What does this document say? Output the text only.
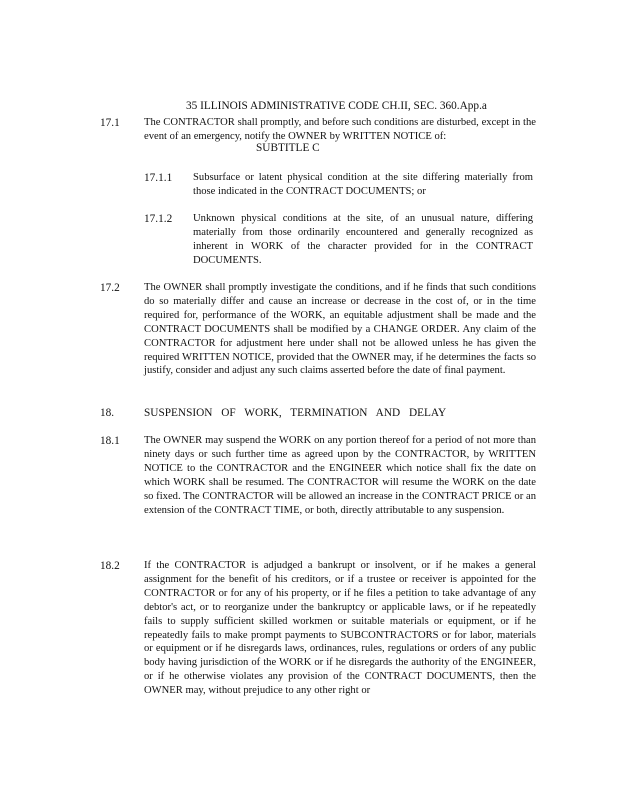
35 ILLINOIS ADMINISTRATIVE CODE CH.II, SEC. 360.App.a

SUBTITLE C

17.1 The CONTRACTOR shall promptly, and before such conditions are disturbed, except in the event of an emergency, notify the OWNER by WRITTEN NOTICE of:
17.1.1 Subsurface or latent physical condition at the site differing materially from those indicated in the CONTRACT DOCUMENTS; or
17.1.2 Unknown physical conditions at the site, of an unusual nature, differing materially from those ordinarily encountered and generally recognized as inherent in WORK of the character provided for in the CONTRACT DOCUMENTS.
17.2 The OWNER shall promptly investigate the conditions, and if he finds that such conditions do so materially differ and cause an increase or decrease in the cost of, or in the time required for, performance of the WORK, an equitable adjustment shall be made and the CONTRACT DOCUMENTS shall be modified by a CHANGE ORDER. Any claim of the CONTRACTOR for adjustment here under shall not be allowed unless he has given the required WRITTEN NOTICE, provided that the OWNER may, if he determines the facts so justify, consider and adjust any such claims asserted before the date of final payment.
18.	SUSPENSION OF WORK, TERMINATION AND DELAY
18.1 The OWNER may suspend the WORK on any portion thereof for a period of not more than ninety days or such further time as agreed upon by the CONTRACTOR, by WRITTEN NOTICE to the CONTRACTOR and the ENGINEER which notice shall fix the date on which WORK shall be resumed. The CONTRACTOR will resume the WORK on the date so fixed. The CONTRACTOR will be allowed an increase in the CONTRACT PRICE or an extension of the CONTRACT TIME, or both, directly attributable to any suspension.
18.2 If the CONTRACTOR is adjudged a bankrupt or insolvent, or if he makes a general assignment for the benefit of his creditors, or if a trustee or receiver is appointed for the CONTRACTOR or for any of his property, or if he files a petition to take advantage of any debtor's act, or to reorganize under the bankruptcy or applicable laws, or if he repeatedly fails to supply sufficient skilled workmen or suitable materials or equipment, or if he repeatedly fails to make prompt payments to SUBCONTRACTORS or for labor, materials or equipment or if he disregards laws, ordinances, rules, regulations or orders of any public body having jurisdiction of the WORK or if he disregards the authority of the ENGINEER, or if he otherwise violates any provision of the CONTRACT DOCUMENTS, then the OWNER may, without prejudice to any other right or
